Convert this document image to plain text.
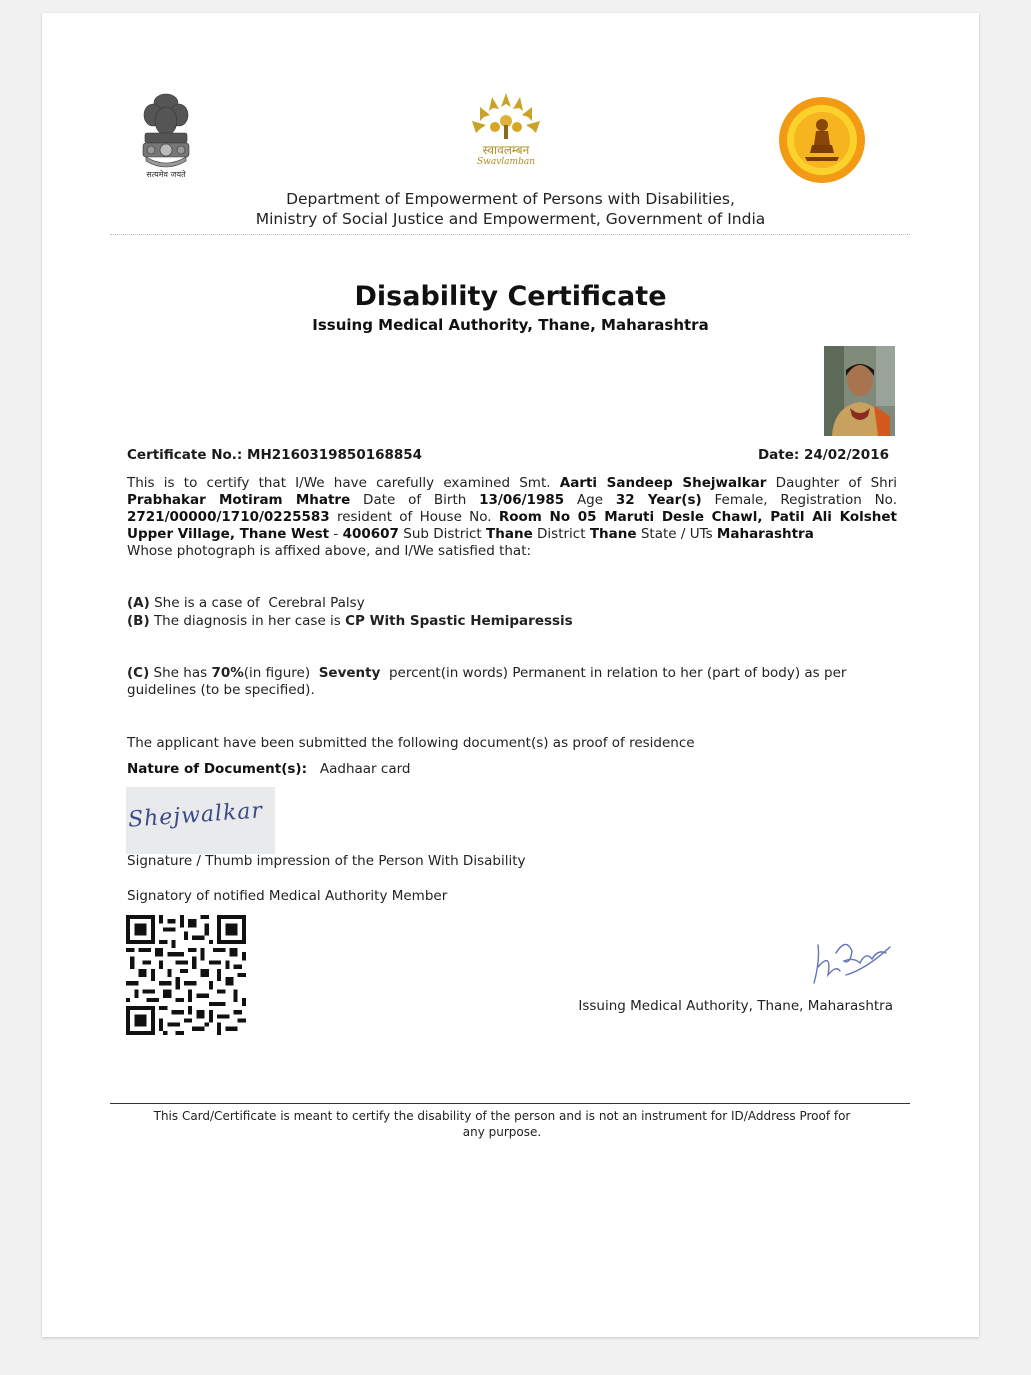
सत्यमेव जयते
स्वावलम्बन
Swavlamban
Department of Empowerment of Persons with Disabilities,
Ministry of Social Justice and Empowerment, Government of India
Disability Certificate
Issuing Medical Authority, Thane, Maharashtra
Certificate No.: MH2160319850168854	Date: 24/02/2016
This is to certify that I/We have carefully examined Smt. Aarti Sandeep Shejwalkar Daughter of Shri Prabhakar Motiram Mhatre Date of Birth 13/06/1985 Age 32 Year(s) Female, Registration No. 2721/00000/1710/0225583 resident of House No. Room No 05 Maruti Desle Chawl, Patil Ali Kolshet Upper Village, Thane West - 400607 Sub District Thane District Thane State / UTs Maharashtra
Whose photograph is affixed above, and I/We satisfied that:
(A) She is a case of Cerebral Palsy
(B) The diagnosis in her case is CP With Spastic Hemiparessis
(C) She has 70%(in figure) Seventy percent(in words) Permanent in relation to her (part of body) as per guidelines (to be specified).
The applicant have been submitted the following document(s) as proof of residence
Nature of Document(s): Aadhaar card
Shejwalkar
Signature / Thumb impression of the Person With Disability
Signatory of notified Medical Authority Member
Issuing Medical Authority, Thane, Maharashtra
This Card/Certificate is meant to certify the disability of the person and is not an instrument for ID/Address Proof for any purpose.
